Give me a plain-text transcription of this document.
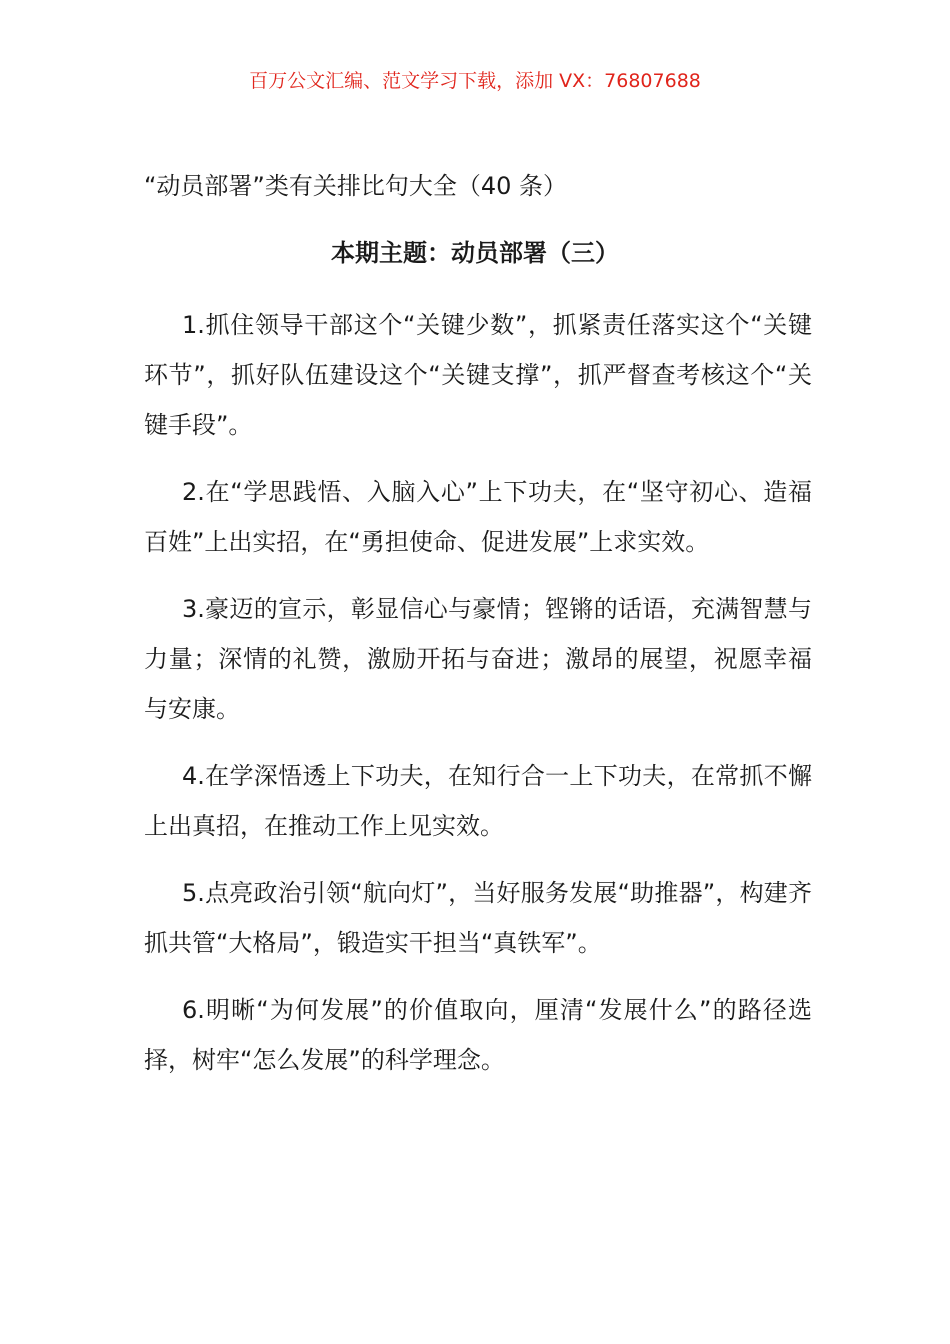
百万公文汇编、范文学习下载，添加 VX：76807688
“动员部署”类有关排比句大全（40 条）
本期主题：动员部署（三）

1.抓住领导干部这个“关键少数”，抓紧责任落实这个“关键环节”，抓好队伍建设这个“关键支撑”，抓严督查考核这个“关键手段”。

2.在“学思践悟、入脑入心”上下功夫，在“坚守初心、造福百姓”上出实招，在“勇担使命、促进发展”上求实效。

3.豪迈的宣示，彰显信心与豪情；铿锵的话语，充满智慧与力量；深情的礼赞，激励开拓与奋进；激昂的展望，祝愿幸福与安康。

4.在学深悟透上下功夫，在知行合一上下功夫，在常抓不懈上出真招，在推动工作上见实效。

5.点亮政治引领“航向灯”，当好服务发展“助推器”，构建齐抓共管“大格局”，锻造实干担当“真铁军”。

6.明晰“为何发展”的价值取向，厘清“发展什么”的路径选择，树牢“怎么发展”的科学理念。
